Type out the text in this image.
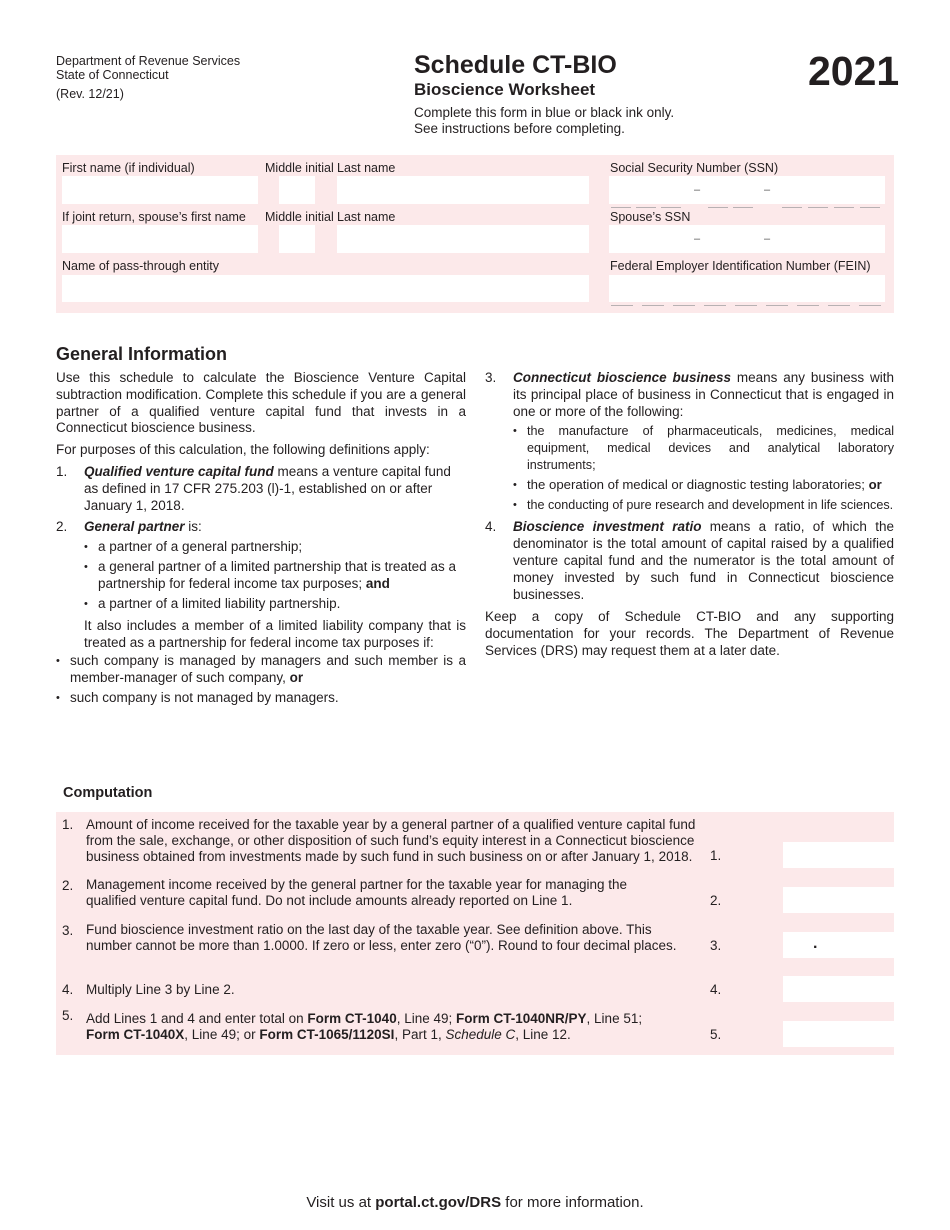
Department of Revenue Services
State of Connecticut
(Rev. 12/21)
Schedule CT-BIO
Bioscience Worksheet
Complete this form in blue or black ink only.
See instructions before completing.
2021
First name (if individual)	Middle initial Last name	Social Security Number (SSN)
–	–
If joint return, spouse’s first name Middle initial Last name	Spouse’s SSN
–	–
Name of pass-through entity	Federal Employer Identification Number (FEIN)
General Information

Use this schedule to calculate the Bioscience Venture Capital subtraction modification. Complete this schedule if you are a general partner of a qualified venture capital fund that invests in a Connecticut bioscience business.

For purposes of this calculation, the following definitions apply:

1. Qualified venture capital fund means a venture capital fund as defined in 17 CFR 275.203 (l)-1, established on or after January 1, 2018.
2. General partner is:
• a partner of a general partnership;
• a general partner of a limited partnership that is treated as a partnership for federal income tax purposes; and
• a partner of a limited liability partnership.

It also includes a member of a limited liability company that is treated as a partnership for federal income tax purposes if:

• such company is managed by managers and such member is a member-manager of such company, or
• such company is not managed by managers.
3. Connecticut bioscience business means any business with its principal place of business in Connecticut that is engaged in one or more of the following:
• the manufacture of pharmaceuticals, medicines, medical equipment, medical devices and analytical laboratory instruments;
• the operation of medical or diagnostic testing laboratories; or
• the conducting of pure research and development in life sciences.
4. Bioscience investment ratio means a ratio, of which the denominator is the total amount of capital raised by a qualified venture capital fund and the numerator is the total amount of money invested by such fund in Connecticut bioscience businesses.

Keep a copy of Schedule CT-BIO and any supporting documentation for your records. The Department of Revenue Services (DRS) may request them at a later date.

Computation
1. Amount of income received for the taxable year by a general partner of a qualified venture capital fund
from the sale, exchange, or other disposition of such fund’s equity interest in a Connecticut bioscience
business obtained from investments made by such fund in such business on or after January 1, 2018. 1.
2. Management income received by the general partner for the taxable year for managing the
qualified venture capital fund. Do not include amounts already reported on Line 1.	2.
3. Fund bioscience investment ratio on the last day of the taxable year. See definition above. This
number cannot be more than 1.0000. If zero or less, enter zero (“0”). Round to four decimal places. 3.	.
4. Multiply Line 3 by Line 2.	4.
5. Add Lines 1 and 4 and enter total on Form CT-1040, Line 49; Form CT-1040NR/PY, Line 51;
Form CT-1040X, Line 49; or Form CT-1065/1120SI, Part 1, Schedule C, Line 12.	5.
Visit us at portal.ct.gov/DRS for more information.
